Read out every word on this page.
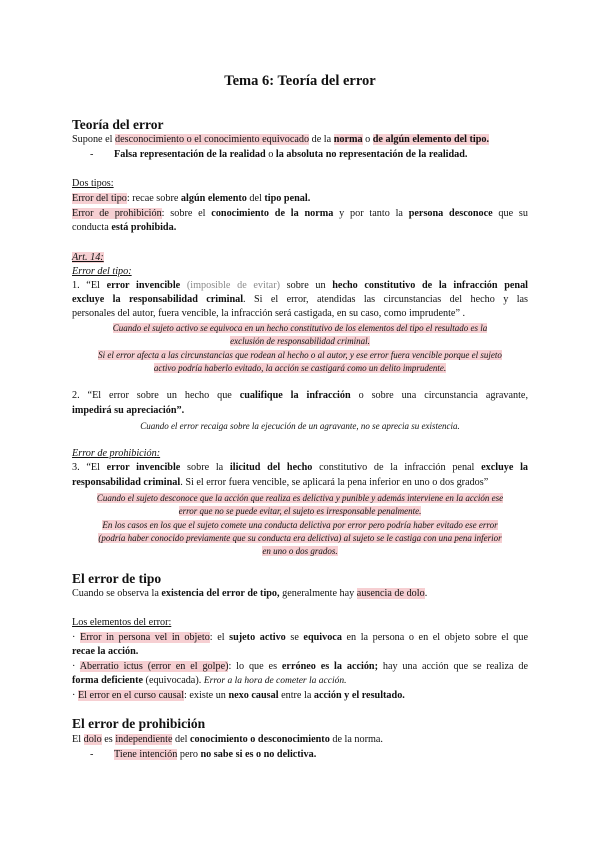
Tema 6: Teoría del error
Teoría del error
Supone el desconocimiento o el conocimiento equivocado de la norma o de algún elemento del tipo.
- Falsa representación de la realidad o la absoluta no representación de la realidad.
Dos tipos:
Error del tipo: recae sobre algún elemento del tipo penal.
Error de prohibición: sobre el conocimiento de la norma y por tanto la persona desconoce que su
conducta está prohibida.
Art. 14:
Error del tipo:
1. “El error invencible (imposible de evitar) sobre un hecho constitutivo de la infracción penal
excluye la responsabilidad criminal. Si el error, atendidas las circunstancias del hecho y las
personales del autor, fuera vencible, la infracción será castigada, en su caso, como imprudente” .
Cuando el sujeto activo se equivoca en un hecho constitutivo de los elementos del tipo el resultado es la
exclusión de responsabilidad criminal.
Si el error afecta a las circunstancias que rodean al hecho o al autor, y ese error fuera vencible porque el sujeto
activo podría haberlo evitado, la acción se castigará como un delito imprudente.
2. “El error sobre un hecho que cualifique la infracción o sobre una circunstancia agravante,
impedirá su apreciación”.
Cuando el error recaiga sobre la ejecución de un agravante, no se aprecia su existencia.
Error de prohibición:
3. “El error invencible sobre la ilicitud del hecho constitutivo de la infracción penal excluye la
responsabilidad criminal. Si el error fuera vencible, se aplicará la pena inferior en uno o dos grados”
Cuando el sujeto desconoce que la acción que realiza es delictiva y punible y además interviene en la acción ese
error que no se puede evitar, el sujeto es irresponsable penalmente.
En los casos en los que el sujeto comete una conducta delictiva por error pero podría haber evitado ese error
(podría haber conocido previamente que su conducta era delictiva) al sujeto se le castiga con una pena inferior
en uno o dos grados.
El error de tipo
Cuando se observa la existencia del error de tipo, generalmente hay ausencia de dolo.
Los elementos del error:
· Error in persona vel in objeto: el sujeto activo se equivoca en la persona o en el objeto sobre el que
recae la acción.
· Aberratio ictus (error en el golpe): lo que es erróneo es la acción; hay una acción que se realiza de
forma deficiente (equivocada). Error a la hora de cometer la acción.
· El error en el curso causal: existe un nexo causal entre la acción y el resultado.
El error de prohibición
El dolo es independiente del conocimiento o desconocimiento de la norma.
- Tiene intención pero no sabe si es o no delictiva.
